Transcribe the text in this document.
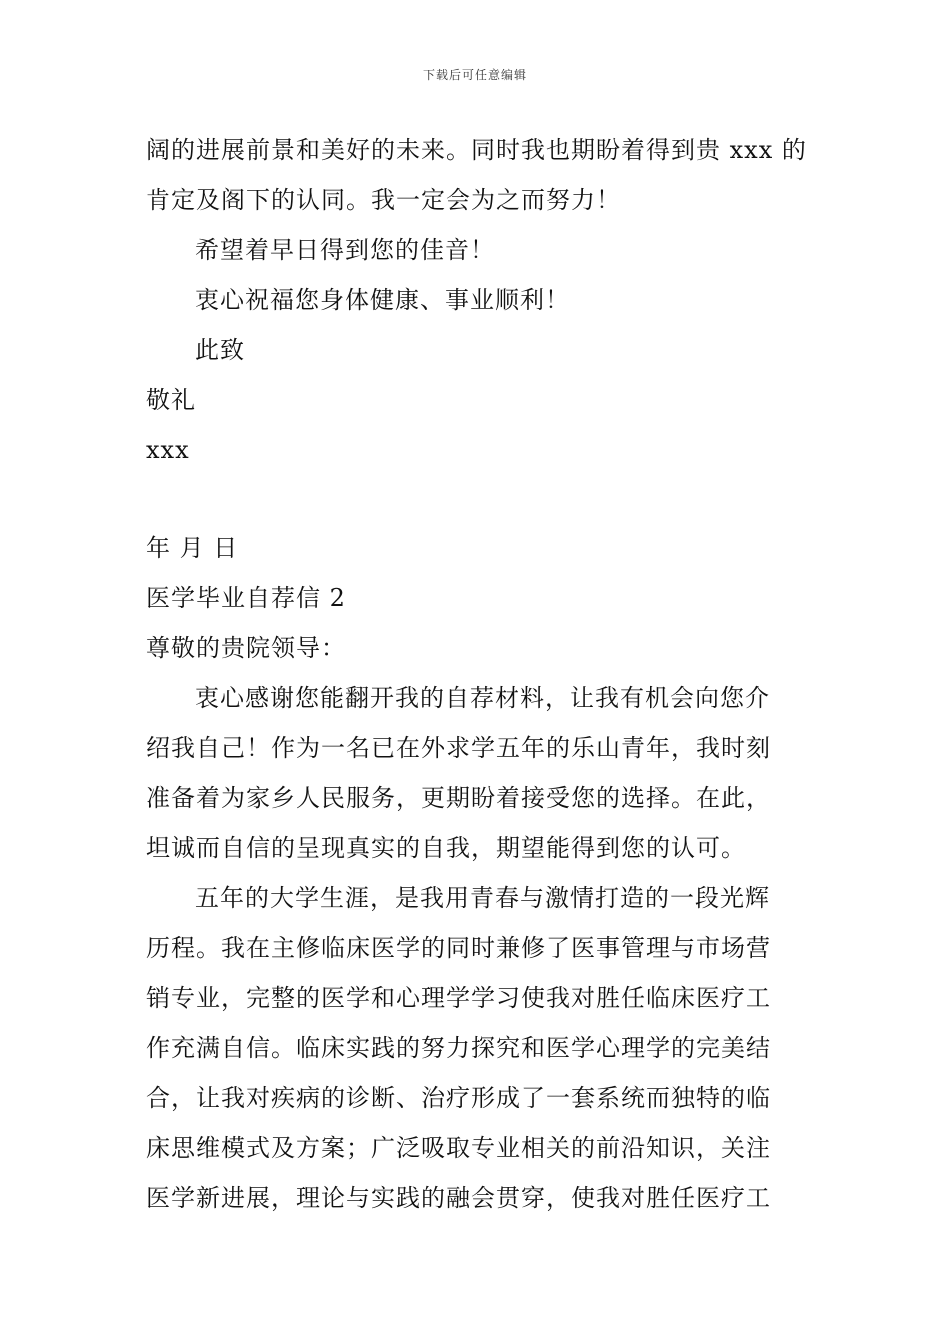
下载后可任意编辑
阔的进展前景和美好的未来。同时我也期盼着得到贵 xxx 的
肯定及阁下的认同。我一定会为之而努力！
希望着早日得到您的佳音！
衷心祝福您身体健康、事业顺利！
此致
敬礼
xxx
年 月 日
医学毕业自荐信 2
尊敬的贵院领导：
衷心感谢您能翻开我的自荐材料，让我有机会向您介
绍我自己！作为一名已在外求学五年的乐山青年，我时刻
准备着为家乡人民服务，更期盼着接受您的选择。在此，
坦诚而自信的呈现真实的自我，期望能得到您的认可。
五年的大学生涯，是我用青春与激情打造的一段光辉
历程。我在主修临床医学的同时兼修了医事管理与市场营
销专业，完整的医学和心理学学习使我对胜任临床医疗工
作充满自信。临床实践的努力探究和医学心理学的完美结
合，让我对疾病的诊断、治疗形成了一套系统而独特的临
床思维模式及方案；广泛吸取专业相关的前沿知识，关注
医学新进展，理论与实践的融会贯穿，使我对胜任医疗工
